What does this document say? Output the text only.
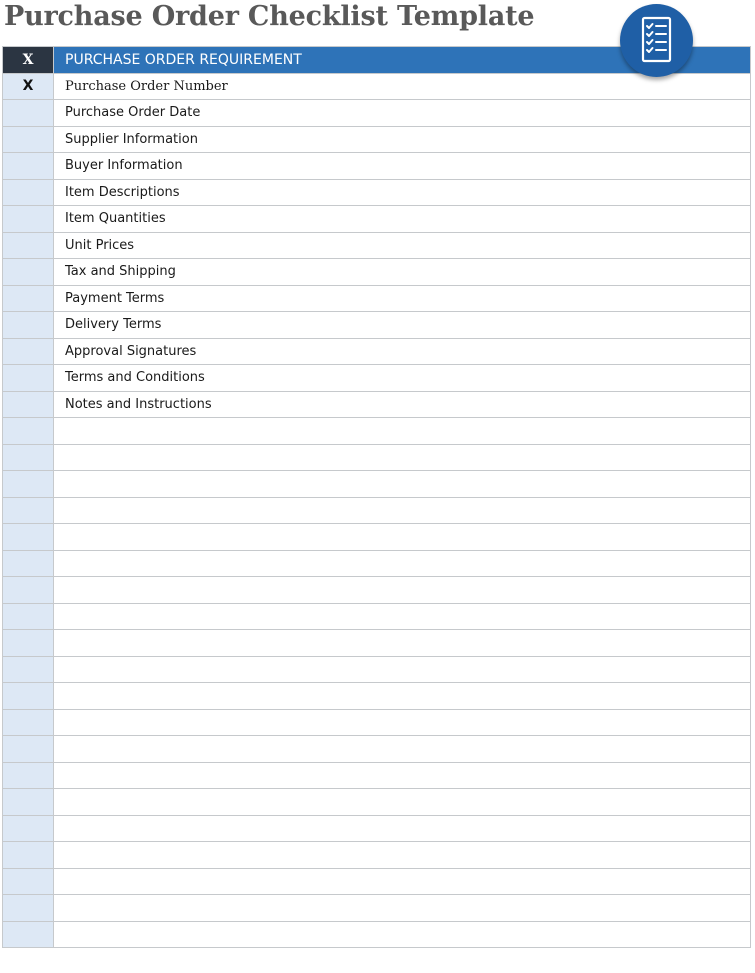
Purchase Order Checklist Template
X	PURCHASE ORDER REQUIREMENT
X	Purchase Order Number
	Purchase Order Date
	Supplier Information
	Buyer Information
	Item Descriptions
	Item Quantities
	Unit Prices
	Tax and Shipping
	Payment Terms
	Delivery Terms
	Approval Signatures
	Terms and Conditions
	Notes and Instructions
